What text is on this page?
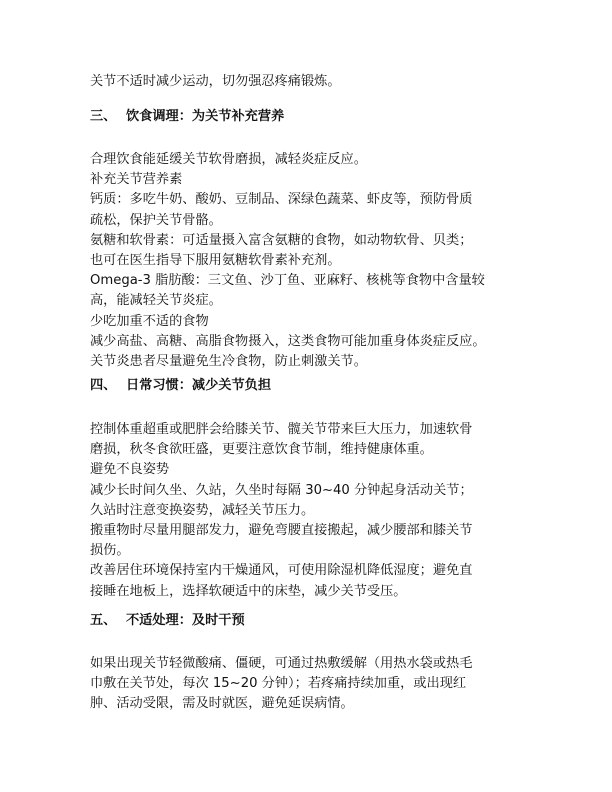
关节不适时减少运动，切勿强忍疼痛锻炼。

三、 饮食调理：为关节补充营养
合理饮食能延缓关节软骨磨损，减轻炎症反应。
补充关节营养素
钙质：多吃牛奶、酸奶、豆制品、深绿色蔬菜、虾皮等，预防骨质
疏松，保护关节骨骼。
氨糖和软骨素：可适量摄入富含氨糖的食物，如动物软骨、贝类；
也可在医生指导下服用氨糖软骨素补充剂。
Omega-3 脂肪酸：三文鱼、沙丁鱼、亚麻籽、核桃等食物中含量较
高，能减轻关节炎症。
少吃加重不适的食物
减少高盐、高糖、高脂食物摄入，这类食物可能加重身体炎症反应。
关节炎患者尽量避免生冷食物，防止刺激关节。
四、 日常习惯：减少关节负担
控制体重超重或肥胖会给膝关节、髋关节带来巨大压力，加速软骨
磨损，秋冬食欲旺盛，更要注意饮食节制，维持健康体重。
避免不良姿势
减少长时间久坐、久站，久坐时每隔 30~40 分钟起身活动关节；
久站时注意变换姿势，减轻关节压力。
搬重物时尽量用腿部发力，避免弯腰直接搬起，减少腰部和膝关节
损伤。
改善居住环境保持室内干燥通风，可使用除湿机降低湿度；避免直
接睡在地板上，选择软硬适中的床垫，减少关节受压。
五、 不适处理：及时干预
如果出现关节轻微酸痛、僵硬，可通过热敷缓解（用热水袋或热毛
巾敷在关节处，每次 15~20 分钟）；若疼痛持续加重，或出现红
肿、活动受限，需及时就医，避免延误病情。
